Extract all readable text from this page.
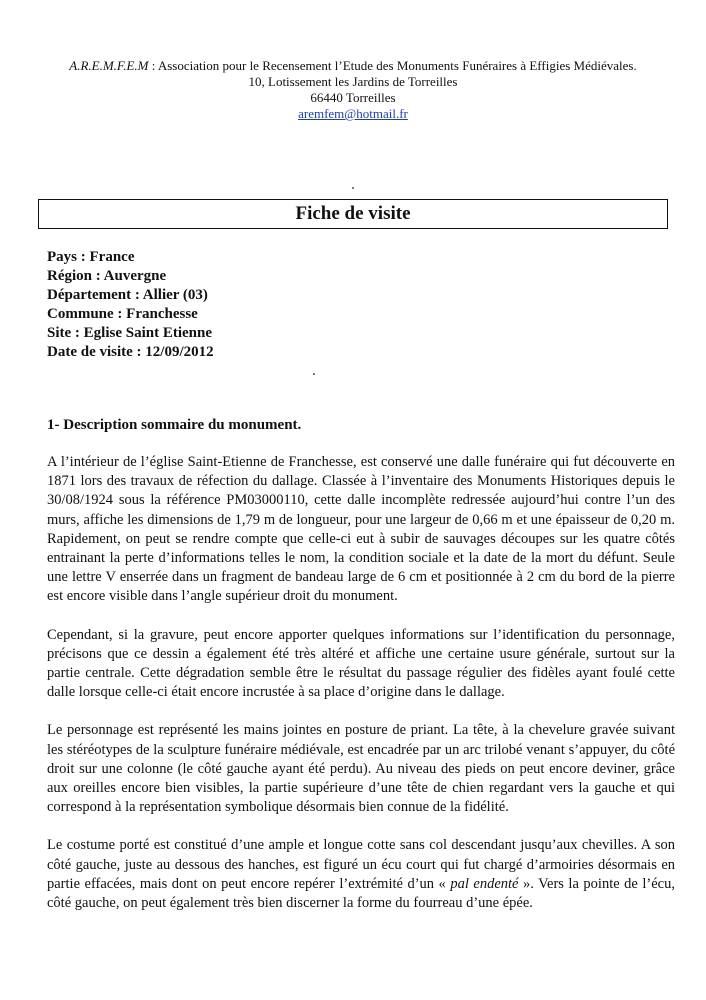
A.R.E.M.F.E.M : Association pour le Recensement l’Etude des Monuments Funéraires à Effigies Médiévales.
10, Lotissement les Jardins de Torreilles
66440 Torreilles
aremfem@hotmail.fr
Fiche de visite
Pays : France
Région : Auvergne
Département : Allier (03)
Commune : Franchesse
Site : Eglise Saint Etienne
Date de visite : 12/09/2012
1- Description sommaire du monument.

A l’intérieur de l’église Saint-Etienne de Franchesse, est conservé une dalle funéraire qui fut découverte en 1871 lors des travaux de réfection du dallage. Classée à l’inventaire des Monuments Historiques depuis le 30/08/1924 sous la référence PM03000110, cette dalle incomplète redressée aujourd’hui contre l’un des murs, affiche les dimensions de 1,79 m de longueur, pour une largeur de 0,66 m et une épaisseur de 0,20 m. Rapidement, on peut se rendre compte que celle-ci eut à subir de sauvages découpes sur les quatre côtés entrainant la perte d’informations telles le nom, la condition sociale et la date de la mort du défunt. Seule une lettre V enserrée dans un fragment de bandeau large de 6 cm et positionnée à 2 cm du bord de la pierre est encore visible dans l’angle supérieur droit du monument.

Cependant, si la gravure, peut encore apporter quelques informations sur l’identification du personnage, précisons que ce dessin a également été très altéré et affiche une certaine usure générale, surtout sur la partie centrale. Cette dégradation semble être le résultat du passage régulier des fidèles ayant foulé cette dalle lorsque celle-ci était encore incrustée à sa place d’origine dans le dallage.

Le personnage est représenté les mains jointes en posture de priant. La tête, à la chevelure gravée suivant les stéréotypes de la sculpture funéraire médiévale, est encadrée par un arc trilobé venant s’appuyer, du côté droit sur une colonne (le côté gauche ayant été perdu). Au niveau des pieds on peut encore deviner, grâce aux oreilles encore bien visibles, la partie supérieure d’une tête de chien regardant vers la gauche et qui correspond à la représentation symbolique désormais bien connue de la fidélité.

Le costume porté est constitué d’une ample et longue cotte sans col descendant jusqu’aux chevilles. A son côté gauche, juste au dessous des hanches, est figuré un écu court qui fut chargé d’armoiries désormais en partie effacées, mais dont on peut encore repérer l’extrémité d’un « pal endenté ». Vers la pointe de l’écu, côté gauche, on peut également très bien discerner la forme du fourreau d’une épée.
